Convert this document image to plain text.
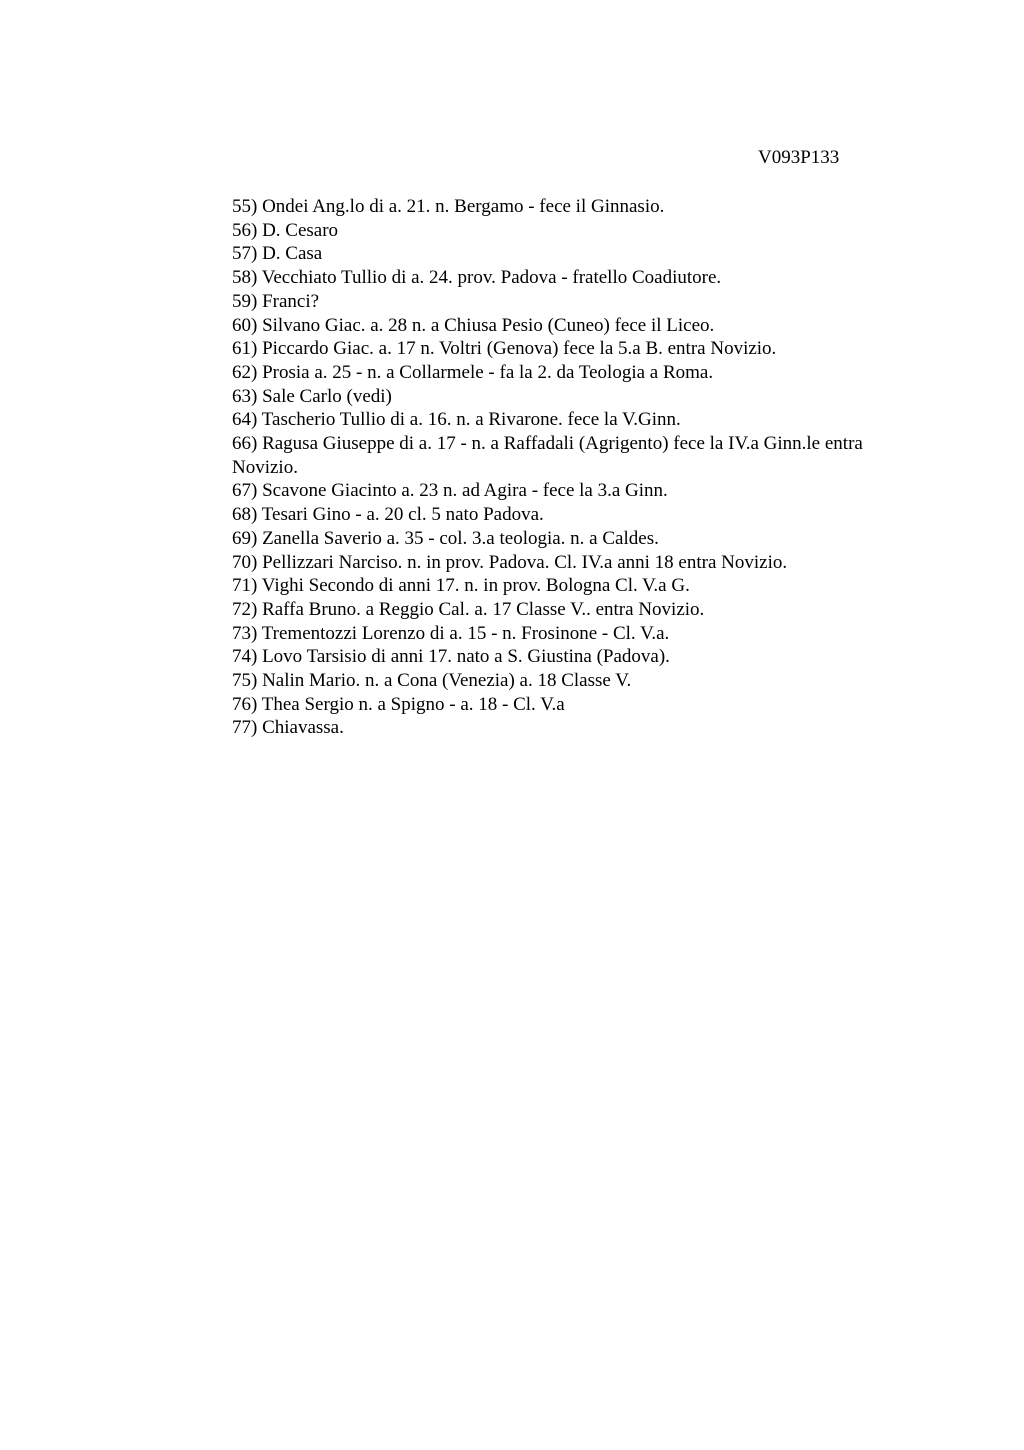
V093P133
55) Ondei Ang.lo di a. 21. n. Bergamo - fece il Ginnasio.
56) D. Cesaro
57) D. Casa
58) Vecchiato Tullio di a. 24. prov. Padova - fratello Coadiutore.
59) Franci?
60) Silvano Giac. a. 28 n. a Chiusa Pesio (Cuneo) fece il Liceo.
61) Piccardo Giac. a. 17 n. Voltri (Genova) fece la 5.a B. entra Novizio.
62) Prosia a. 25 - n. a Collarmele - fa la 2. da Teologia a Roma.
63) Sale Carlo (vedi)
64) Tascherio Tullio di a. 16. n. a Rivarone. fece la V.Ginn.
66) Ragusa Giuseppe di a. 17 - n. a Raffadali (Agrigento) fece la IV.a Ginn.le entra Novizio.
67) Scavone Giacinto a. 23 n. ad Agira - fece la 3.a Ginn.
68) Tesari Gino - a. 20 cl. 5 nato Padova.
69) Zanella Saverio a. 35 - col. 3.a teologia. n. a Caldes.
70) Pellizzari Narciso. n. in prov. Padova. Cl. IV.a anni 18 entra Novizio.
71) Vighi Secondo di anni 17. n. in prov. Bologna Cl. V.a G.
72) Raffa Bruno. a Reggio Cal. a. 17 Classe V.. entra Novizio.
73) Trementozzi Lorenzo di a. 15 - n. Frosinone - Cl. V.a.
74) Lovo Tarsisio di anni 17. nato a S. Giustina (Padova).
75) Nalin Mario. n. a Cona (Venezia) a. 18 Classe V.
76) Thea Sergio n. a Spigno - a. 18 - Cl. V.a
77) Chiavassa.
